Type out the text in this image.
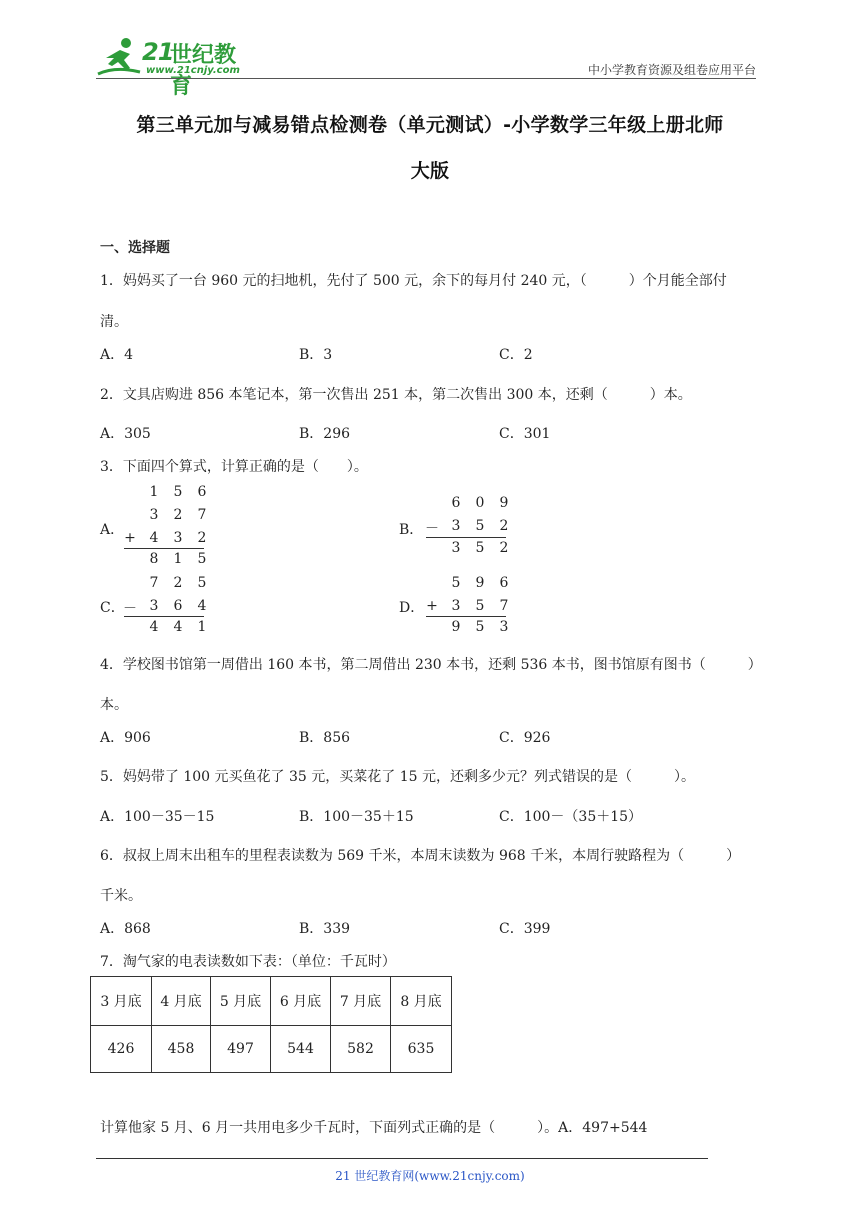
21
世纪教育
www.21cnjy.com	中小学教育资源及组卷应用平台
第三单元加与减易错点检测卷（单元测试）-小学数学三年级上册北师
大版
一、选择题
1．妈妈买了一台 960 元的扫地机，先付了 500 元，余下的每月付 240 元，（　　　）个月能全部付
清。
A．4	B．3	C．2
2．文具店购进 856 本笔记本，第一次售出 251 本，第二次售出 300 本，还剩（　　　）本。
A．305	B．296	C．301
3．下面四个算式，计算正确的是（　　）。
A．	B．
C．	D．
1 5 6
3 2 7
+ 4 3 2
8 1 5
6 0 9
－ 3 5 2
3 5 2
7 2 5
－ 3 6 4
4 4 1
5 9 6
+ 3 5 7
9 5 3
4．学校图书馆第一周借出 160 本书，第二周借出 230 本书，还剩 536 本书，图书馆原有图书（　　　）
本。
A．906	B．856	C．926
5．妈妈带了 100 元买鱼花了 35 元，买菜花了 15 元，还剩多少元？列式错误的是（　　　）。
A．100－35－15	B．100－35＋15	C．100－（35＋15）
6．叔叔上周末出租车的里程表读数为 569 千米，本周末读数为 968 千米，本周行驶路程为（　　　）
千米。
A．868	B．339	C．399
7．淘气家的电表读数如下表：（单位：千瓦时）
3 月底	4 月底	5 月底	6 月底	7 月底	8 月底
426	458	497	544	582	635
计算他家 5 月、6 月一共用电多少千瓦时，下面列式正确的是（　　　）。A．497+544
21 世纪教育网(www.21cnjy.com)
